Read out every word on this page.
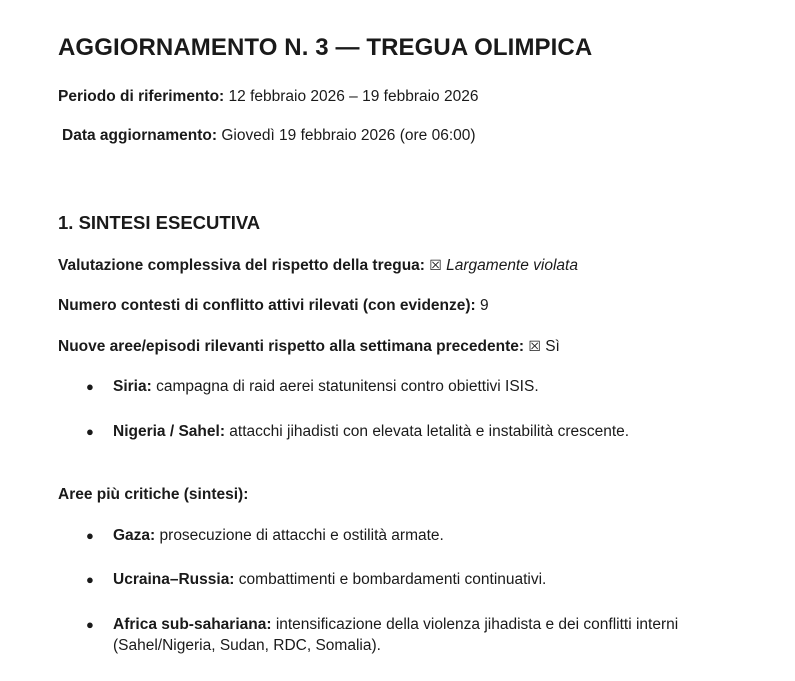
AGGIORNAMENTO N. 3 — TREGUA OLIMPICA

Periodo di riferimento: 12 febbraio 2026 – 19 febbraio 2026

Data aggiornamento: Giovedì 19 febbraio 2026 (ore 06:00)

1. SINTESI ESECUTIVA

Valutazione complessiva del rispetto della tregua: ☒ Largamente violata

Numero contesti di conflitto attivi rilevati (con evidenze): 9

Nuove aree/episodi rilevanti rispetto alla settimana precedente: ☒ Sì

● Siria: campagna di raid aerei statunitensi contro obiettivi ISIS.
● Nigeria / Sahel: attacchi jihadisti con elevata letalità e instabilità crescente.

Aree più critiche (sintesi):

● Gaza: prosecuzione di attacchi e ostilità armate.
● Ucraina–Russia: combattimenti e bombardamenti continuativi.
● Africa sub-sahariana: intensificazione della violenza jihadista e dei conflitti interni (Sahel/Nigeria, Sudan, RDC, Somalia).
